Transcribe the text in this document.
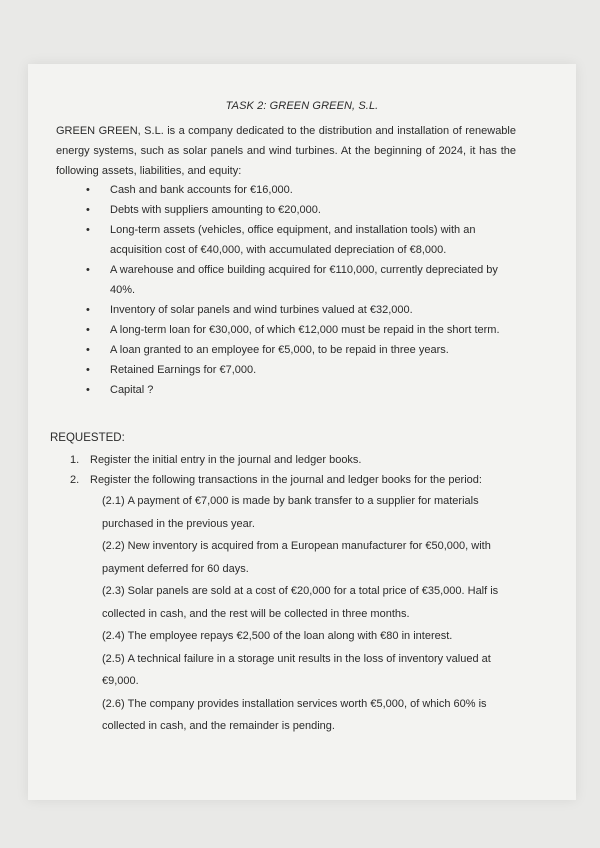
TASK 2: GREEN GREEN, S.L.
GREEN GREEN, S.L. is a company dedicated to the distribution and installation of renewable energy systems, such as solar panels and wind turbines. At the beginning of 2024, it has the following assets, liabilities, and equity:
• Cash and bank accounts for €16,000.
• Debts with suppliers amounting to €20,000.
• Long-term assets (vehicles, office equipment, and installation tools) with an acquisition cost of €40,000, with accumulated depreciation of €8,000.
• A warehouse and office building acquired for €110,000, currently depreciated by 40%.
• Inventory of solar panels and wind turbines valued at €32,000.
• A long-term loan for €30,000, of which €12,000 must be repaid in the short term.
• A loan granted to an employee for €5,000, to be repaid in three years.
• Retained Earnings for €7,000.
• Capital ?
REQUESTED:
1. Register the initial entry in the journal and ledger books.
2. Register the following transactions in the journal and ledger books for the period:
(2.1) A payment of €7,000 is made by bank transfer to a supplier for materials purchased in the previous year.
(2.2) New inventory is acquired from a European manufacturer for €50,000, with payment deferred for 60 days.
(2.3) Solar panels are sold at a cost of €20,000 for a total price of €35,000. Half is collected in cash, and the rest will be collected in three months.
(2.4) The employee repays €2,500 of the loan along with €80 in interest.
(2.5) A technical failure in a storage unit results in the loss of inventory valued at €9,000.
(2.6) The company provides installation services worth €5,000, of which 60% is collected in cash, and the remainder is pending.
